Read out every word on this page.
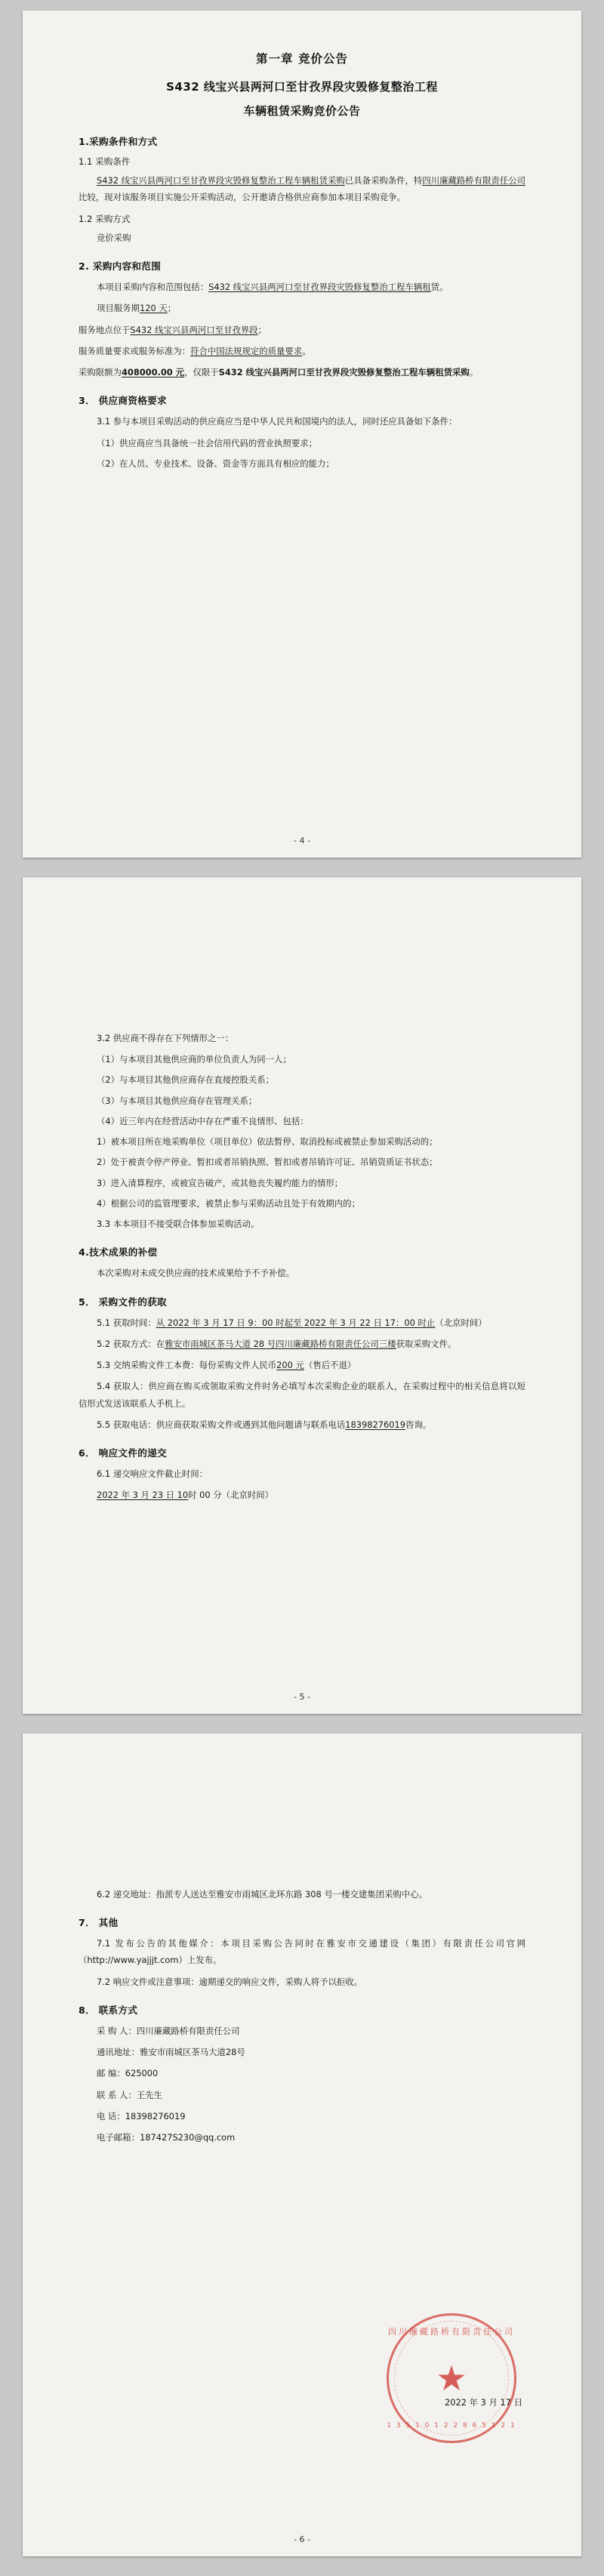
第一章 竞价公告
S432 线宝兴县两河口至甘孜界段灾毁修复整治工程
车辆租赁采购竞价公告
1.采购条件和方式
1.1 采购条件

S432 线宝兴县两河口至甘孜界段灾毁修复整治工程车辆租赁采购已具备采购条件，特四川廉藏路桥有限责任公司比较，现对该服务项目实施公开采购活动，公开邀请合格供应商参加本项目采购竞争。

1.2 采购方式

竞价采购

2. 采购内容和范围

本项目采购内容和范围包括：S432 线宝兴县两河口至甘孜界段灾毁修复整治工程车辆租赁。

项目服务期120 天；

服务地点位于S432 线宝兴县两河口至甘孜界段；

服务质量要求或服务标准为：符合中国法规规定的质量要求。

采购限额为408000.00 元，仅限于S432 线宝兴县两河口至甘孜界段灾毁修复整治工程车辆租赁采购。

3． 供应商资格要求

3.1 参与本项目采购活动的供应商应当是中华人民共和国境内的法人，同时还应具备如下条件：

（1）供应商应当具备统一社会信用代码的营业执照要求；

（2）在人员、专业技术、设备、资金等方面具有相应的能力；

- 4 -

3.2 供应商不得存在下列情形之一：

（1）与本项目其他供应商的单位负责人为同一人；

（2）与本项目其他供应商存在直接控股关系；

（3）与本项目其他供应商存在管理关系；

（4）近三年内在经营活动中存在严重不良情形、包括：

1）被本项目所在地采购单位（项目单位）依法暂停、取消投标或被禁止参加采购活动的；

2）处于被责令停产停业、暂扣或者吊销执照、暂扣或者吊销许可证、吊销资质证书状态；

3）进入清算程序，或被宣告破产，或其他丧失履约能力的情形；

4）根据公司的监管理要求，被禁止参与采购活动且处于有效期内的；

3.3 本本项目不接受联合体参加采购活动。

4.技术成果的补偿

本次采购对未成交供应商的技术成果给予不予补偿。

5． 采购文件的获取

5.1 获取时间：从 2022 年 3 月 17 日 9：00 时起至 2022 年 3 月 22 日 17：00 时止（北京时间）

5.2 获取方式：在雅安市雨城区茶马大道 28 号四川廉藏路桥有限责任公司三楼获取采购文件。

5.3 交纳采购文件工本费：每份采购文件人民币200 元（售后不退）

5.4 获取人：供应商在购买或领取采购文件时务必填写本次采购企业的联系人，在采购过程中的相关信息将以短信形式发送该联系人手机上。

5.5 获取电话：供应商获取采购文件或遇到其他问题请与联系电话18398276019咨询。

6． 响应文件的递交

6.1 递交响应文件截止时间：

2022 年 3 月 23 日 10时 00 分（北京时间）

- 5 -

6.2 递交地址：指派专人送达至雅安市雨城区北环东路 308 号一楼交建集团采购中心。

7． 其他

7.1 发布公告的其他媒介：本项目采购公告同时在雅安市交通建设（集团）有限责任公司官网（http://www.yajjjt.com）上发布。

7.2 响应文件或注意事项：逾期递交的响应文件，采购人将予以拒收。

8． 联系方式

采 购 人：四川廉藏路桥有限责任公司

通讯地址：雅安市雨城区茶马大道28号

邮 编：625000

联 系 人：王先生

电 话：18398276019

电子邮箱：187427S230@qq.com

四川廉藏路桥有限责任公司
★
1 3 5 1 0 1 2 2 8 6 5 1 2 1
2022 年 3 月 17 日
- 6 -
